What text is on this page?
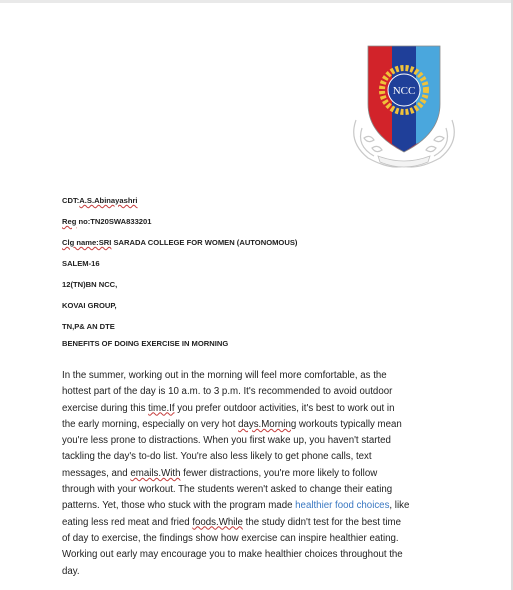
NCC
CDT:A.S.Abinayashri
Reg no:TN20SWA833201
Clg name:SRI SARADA COLLEGE FOR WOMEN (AUTONOMOUS)
SALEM-16
12(TN)BN NCC,
KOVAI GROUP,
TN,P& AN DTE
BENEFITS OF DOING EXERCISE IN MORNING
In the summer, working out in the morning will feel more comfortable, as the
hottest part of the day is 10 a.m. to 3 p.m. It's recommended to avoid outdoor
exercise during this time.If you prefer outdoor activities, it's best to work out in
the early morning, especially on very hot days.Morning workouts typically mean
you're less prone to distractions. When you first wake up, you haven't started
tackling the day's to-do list. You're also less likely to get phone calls, text
messages, and emails.With fewer distractions, you're more likely to follow
through with your workout. The students weren't asked to change their eating
patterns. Yet, those who stuck with the program made healthier food choices, like
eating less red meat and fried foods.While the study didn't test for the best time
of day to exercise, the findings show how exercise can inspire healthier eating.
Working out early may encourage you to make healthier choices throughout the
day.
